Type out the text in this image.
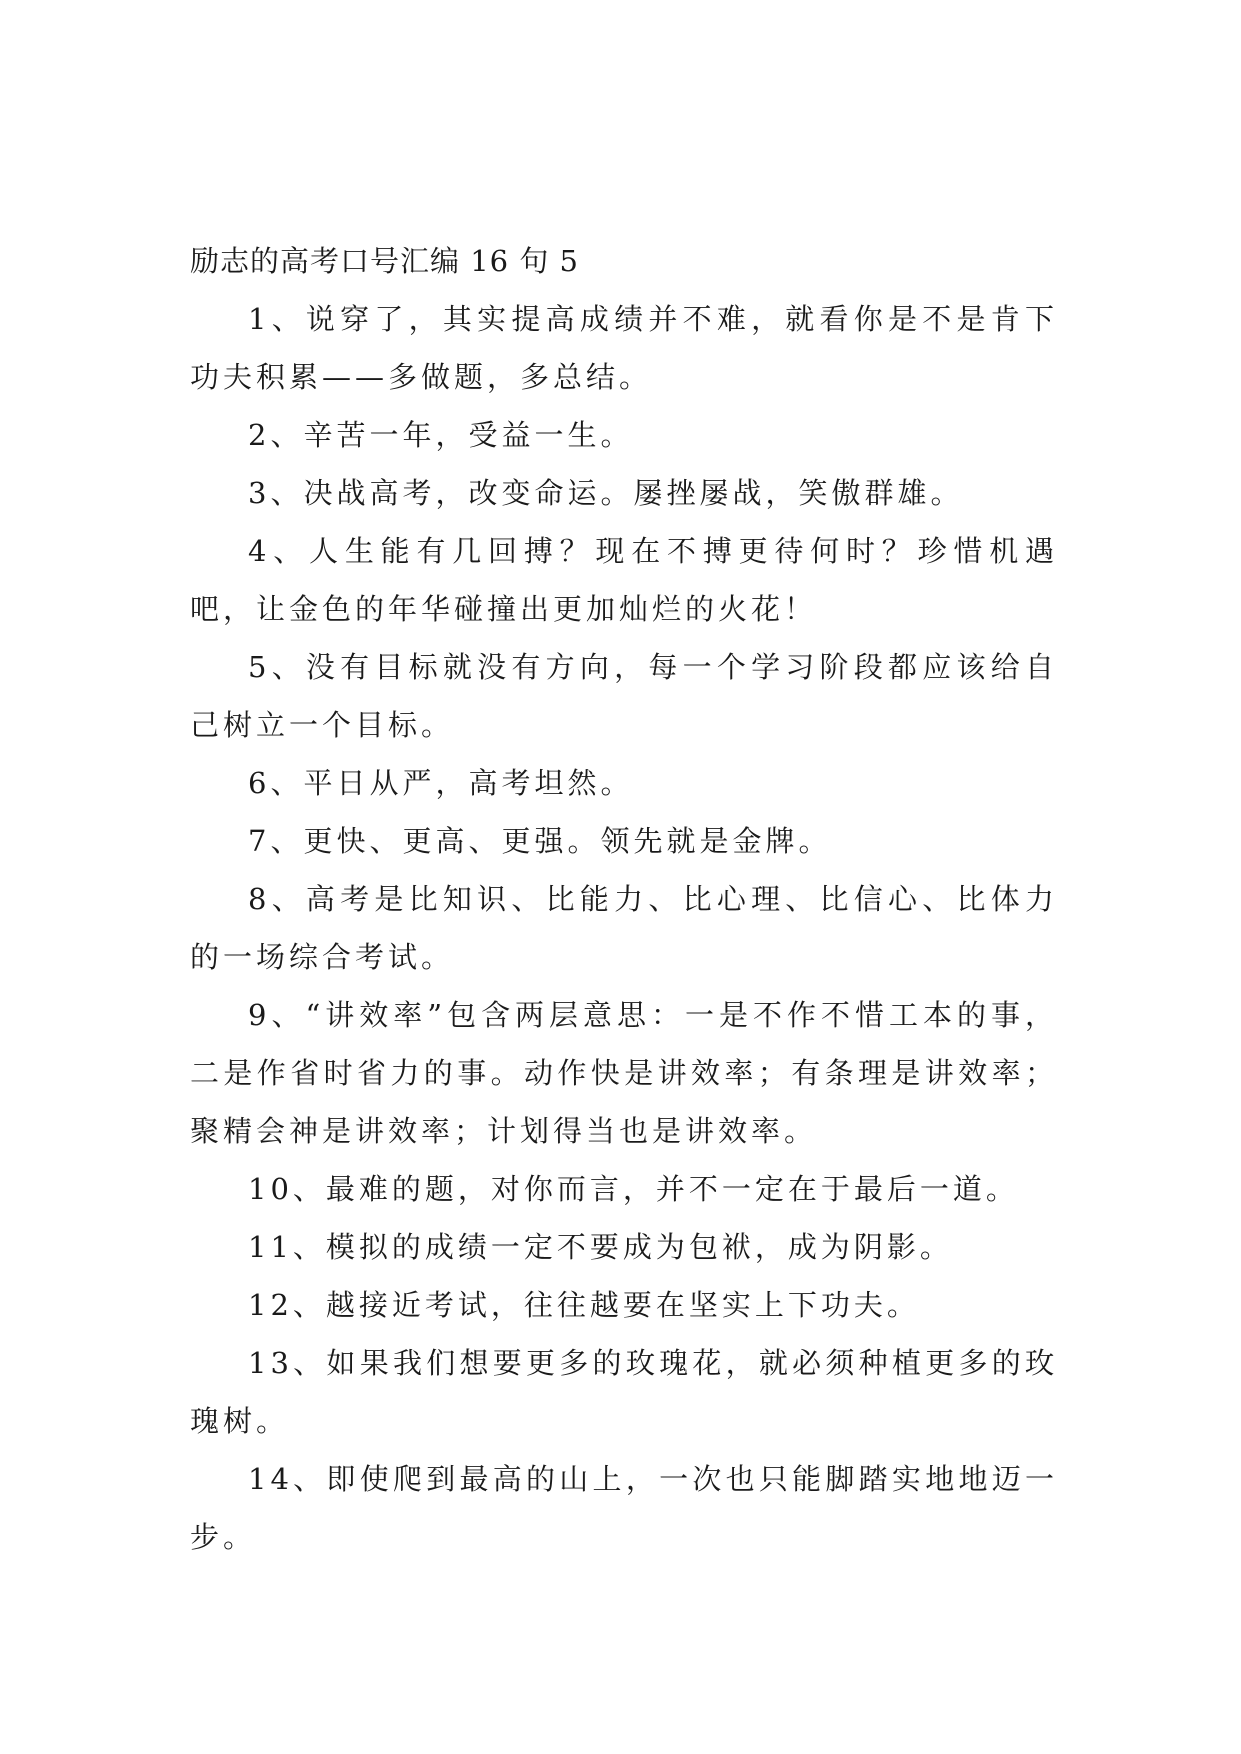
励志的高考口号汇编 16 句 5

1、说穿了，其实提高成绩并不难，就看你是不是肯下功夫积累——多做题，多总结。

2、辛苦一年，受益一生。

3、决战高考，改变命运。屡挫屡战，笑傲群雄。

4、人生能有几回搏？现在不搏更待何时？珍惜机遇吧，让金色的年华碰撞出更加灿烂的火花！

5、没有目标就没有方向，每一个学习阶段都应该给自己树立一个目标。

6、平日从严，高考坦然。

7、更快、更高、更强。领先就是金牌。

8、高考是比知识、比能力、比心理、比信心、比体力的一场综合考试。

9、“讲效率”包含两层意思：一是不作不惜工本的事，二是作省时省力的事。动作快是讲效率；有条理是讲效率；聚精会神是讲效率；计划得当也是讲效率。

10、最难的题，对你而言，并不一定在于最后一道。

11、模拟的成绩一定不要成为包袱，成为阴影。

12、越接近考试，往往越要在坚实上下功夫。

13、如果我们想要更多的玫瑰花，就必须种植更多的玫瑰树。

14、即使爬到最高的山上，一次也只能脚踏实地地迈一步。
